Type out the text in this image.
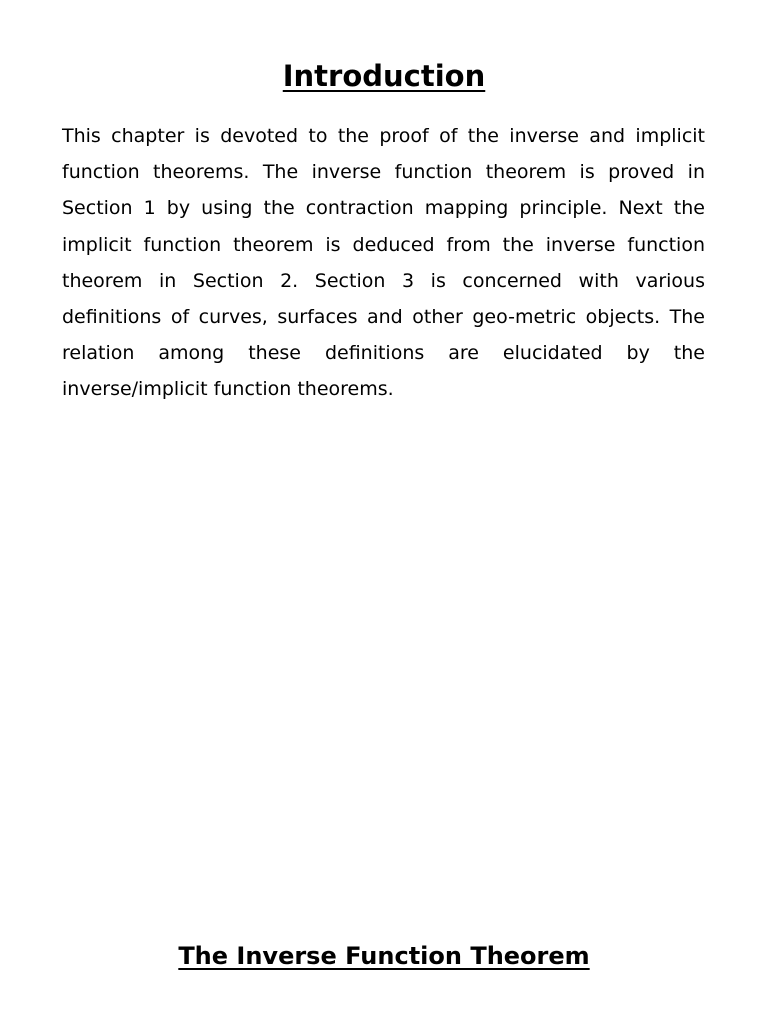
Introduction

This chapter is devoted to the proof of the inverse and implicit function theorems. The inverse function theorem is proved in Section 1 by using the contraction mapping principle. Next the implicit function theorem is deduced from the inverse function theorem in Section 2. Section 3 is concerned with various definitions of curves, surfaces and other geo-metric objects. The relation among these definitions are elucidated by the inverse/implicit function theorems.

The Inverse Function Theorem
